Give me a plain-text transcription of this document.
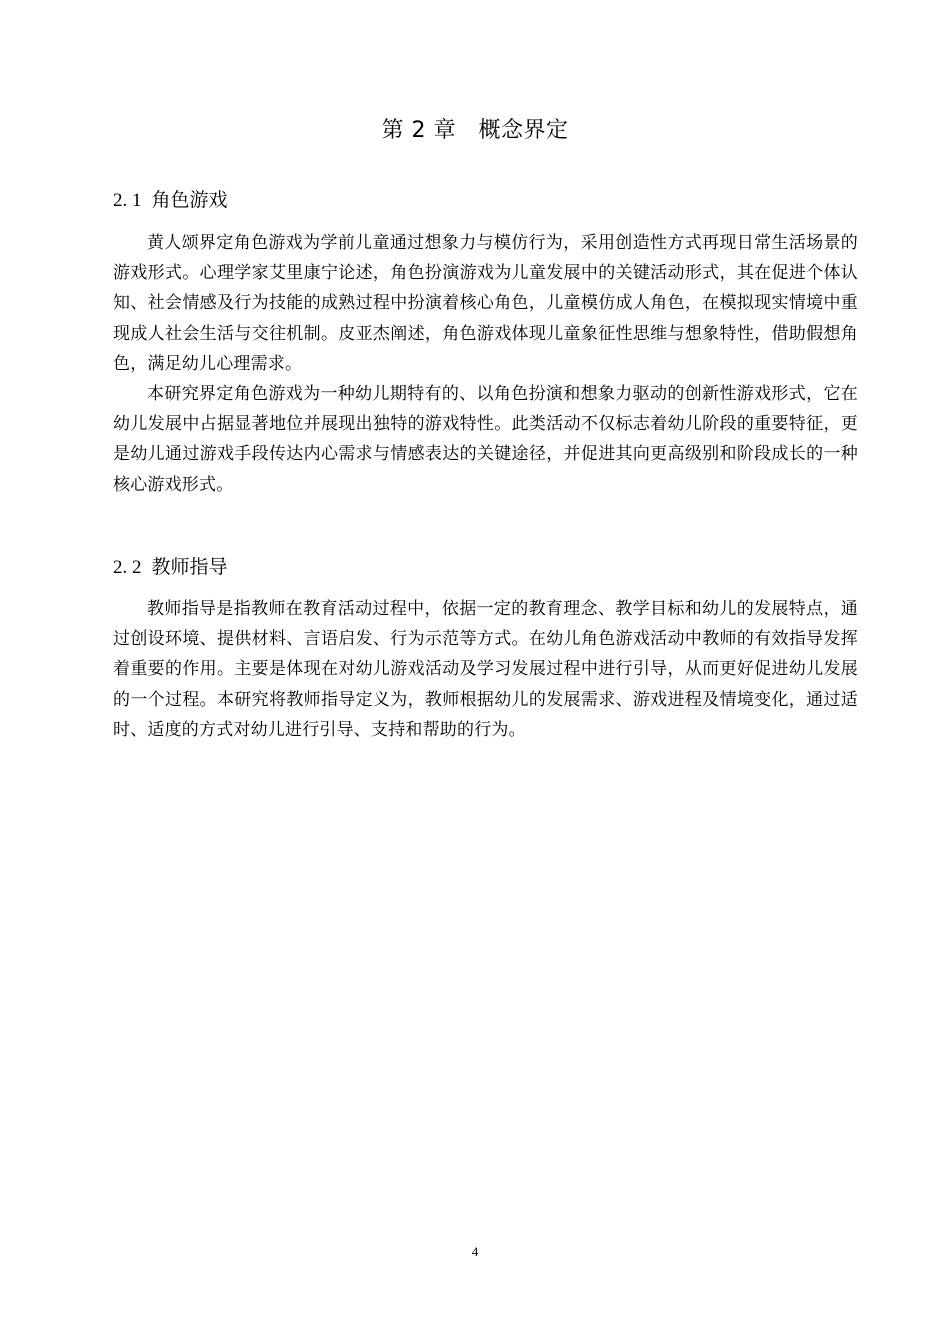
第 2 章　概念界定
2. 1 角色游戏

黄人颂界定角色游戏为学前儿童通过想象力与模仿行为，采用创造性方式再现日常生活场景的游戏形式。心理学家艾里康宁论述，角色扮演游戏为儿童发展中的关键活动形式，其在促进个体认知、社会情感及行为技能的成熟过程中扮演着核心角色，儿童模仿成人角色，在模拟现实情境中重现成人社会生活与交往机制。皮亚杰阐述，角色游戏体现儿童象征性思维与想象特性，借助假想角色，满足幼儿心理需求。

本研究界定角色游戏为一种幼儿期特有的、以角色扮演和想象力驱动的创新性游戏形式，它在幼儿发展中占据显著地位并展现出独特的游戏特性。此类活动不仅标志着幼儿阶段的重要特征，更是幼儿通过游戏手段传达内心需求与情感表达的关键途径，并促进其向更高级别和阶段成长的一种核心游戏形式。

2. 2 教师指导

教师指导是指教师在教育活动过程中，依据一定的教育理念、教学目标和幼儿的发展特点，通过创设环境、提供材料、言语启发、行为示范等方式。在幼儿角色游戏活动中教师的有效指导发挥着重要的作用。主要是体现在对幼儿游戏活动及学习发展过程中进行引导，从而更好促进幼儿发展的一个过程。本研究将教师指导定义为，教师根据幼儿的发展需求、游戏进程及情境变化，通过适时、适度的方式对幼儿进行引导、支持和帮助的行为。

4
